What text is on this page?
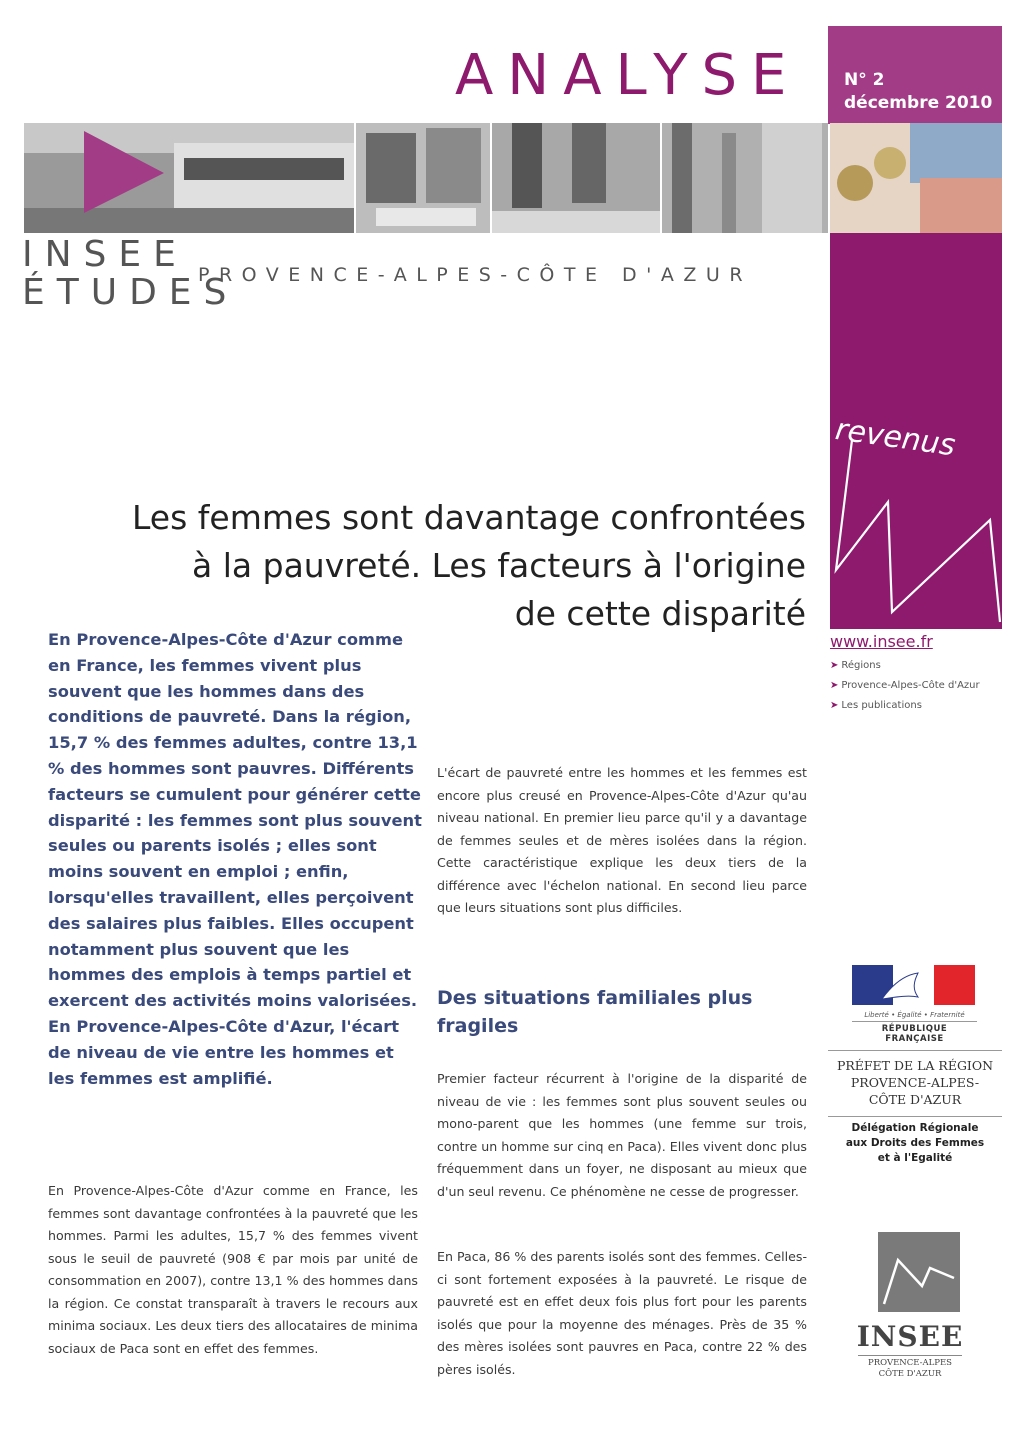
ANALYSE	N° 2
décembre 2010
INSEE
ÉTUDES
PROVENCE-ALPES-CÔTE D'AZUR
revenus
www.insee.fr
➤ Régions
➤ Provence-Alpes-Côte d'Azur
➤ Les publications
Les femmes sont davantage confrontées
à la pauvreté. Les facteurs à l'origine
de cette disparité
En Provence-Alpes-Côte d'Azur comme en France, les femmes vivent plus souvent que les hommes dans des conditions de pauvreté. Dans la région, 15,7 % des femmes adultes, contre 13,1 % des hommes sont pauvres. Différents facteurs se cumulent pour générer cette disparité : les femmes sont plus souvent seules ou parents isolés ; elles sont moins souvent en emploi ; enfin, lorsqu'elles travaillent, elles perçoivent des salaires plus faibles. Elles occupent notamment plus souvent que les hommes des emplois à temps partiel et exercent des activités moins valorisées.
En Provence-Alpes-Côte d'Azur, l'écart de niveau de vie entre les hommes et les femmes est amplifié.
En Provence-Alpes-Côte d'Azur comme en France, les femmes sont davantage confrontées à la pauvreté que les hommes. Parmi les adultes, 15,7 % des femmes vivent sous le seuil de pauvreté (908 € par mois par unité de consommation en 2007), contre 13,1 % des hommes dans la région. Ce constat transparaît à travers le recours aux minima sociaux. Les deux tiers des allocataires de minima sociaux de Paca sont en effet des femmes.
L'écart de pauvreté entre les hommes et les femmes est encore plus creusé en Provence-Alpes-Côte d'Azur qu'au niveau national. En premier lieu parce qu'il y a davantage de femmes seules et de mères isolées dans la région. Cette caractéristique explique les deux tiers de la différence avec l'échelon national. En second lieu parce que leurs situations sont plus difficiles.
Des situations familiales plus fragiles
Premier facteur récurrent à l'origine de la disparité de niveau de vie : les femmes sont plus souvent seules ou mono-parent que les hommes (une femme sur trois, contre un homme sur cinq en Paca). Elles vivent donc plus fréquemment dans un foyer, ne disposant au mieux que d'un seul revenu. Ce phénomène ne cesse de progresser.
En Paca, 86 % des parents isolés sont des femmes. Celles-ci sont fortement exposées à la pauvreté. Le risque de pauvreté est en effet deux fois plus fort pour les parents isolés que pour la moyenne des ménages. Près de 35 % des mères isolées sont pauvres en Paca, contre 22 % des pères isolés.
Liberté • Égalité • Fraternité
RÉPUBLIQUE FRANÇAISE
PRÉFET DE LA RÉGION
PROVENCE-ALPES-
CÔTE D'AZUR
Délégation Régionale
aux Droits des Femmes
et à l'Egalité
INSEE
PROVENCE-ALPES
CÔTE D'AZUR
